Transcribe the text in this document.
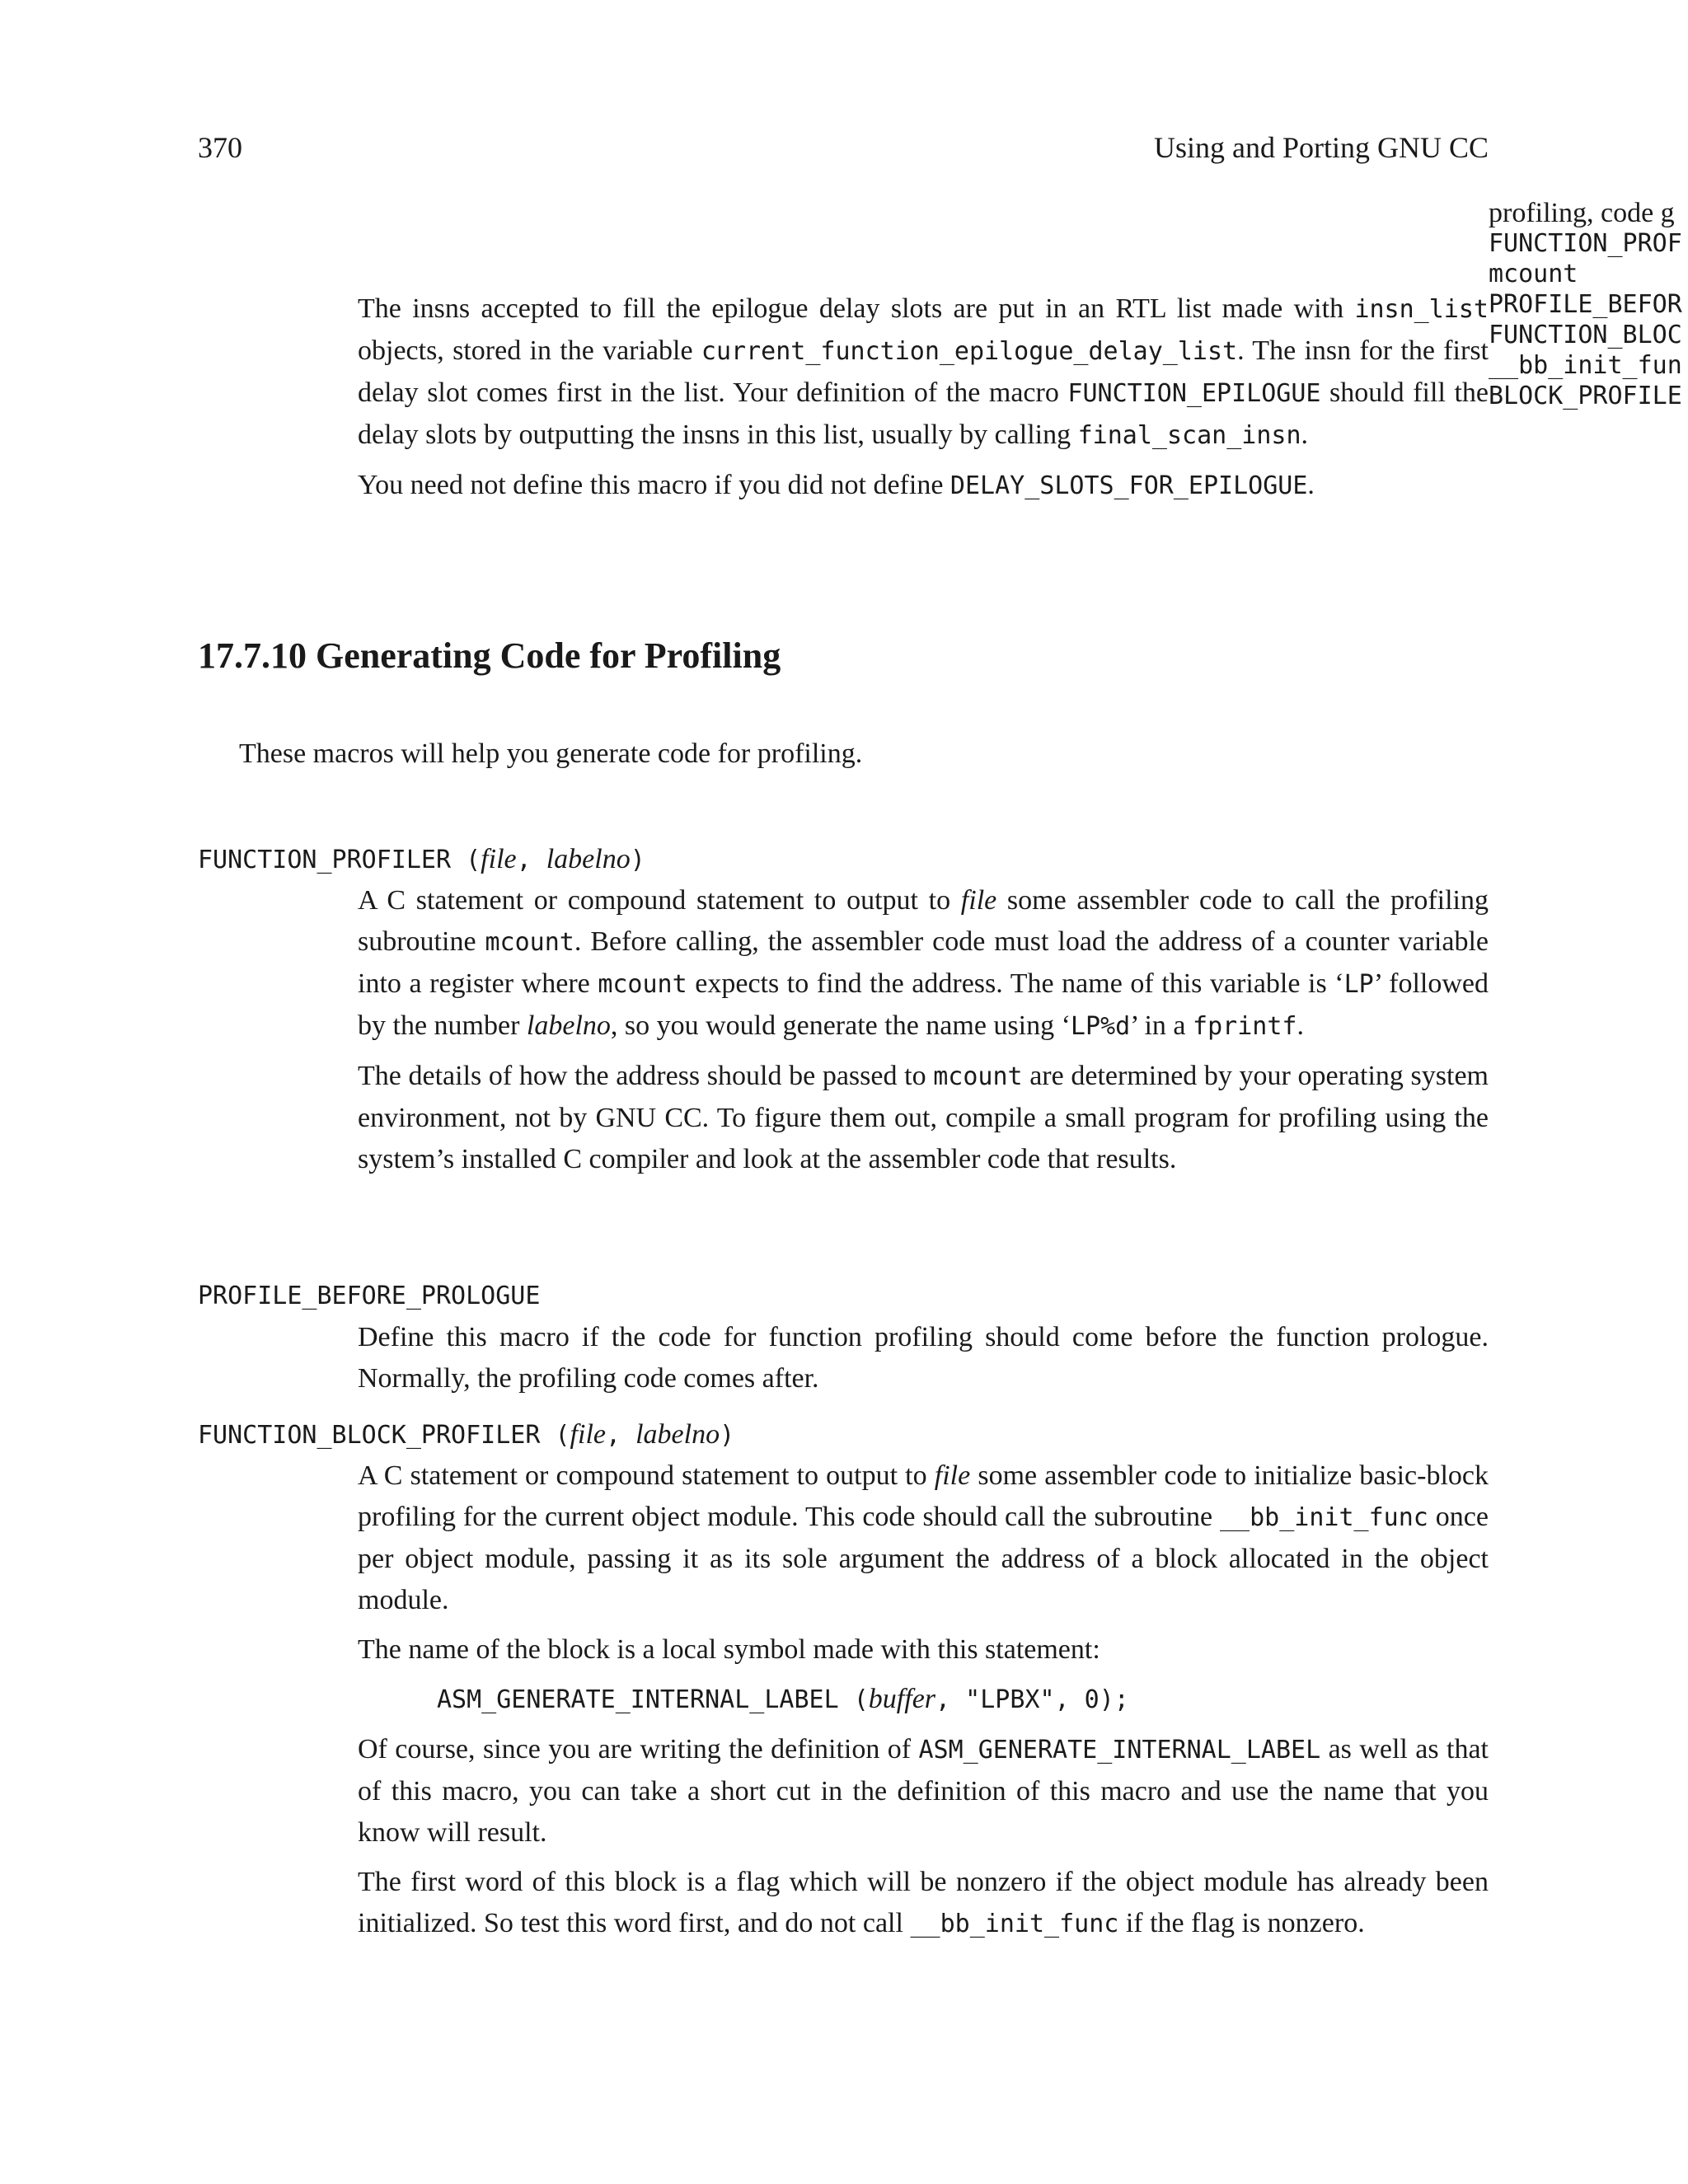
370	Using and Porting GNU CC
profiling, code g
FUNCTION_PROF
mcount
PROFILE_BEFOR
FUNCTION_BLOC
__bb_init_fun
BLOCK_PROFILE

The insns accepted to fill the epilogue delay slots are put in an RTL list made with insn_list objects, stored in the variable current_function_epilogue_delay_list. The insn for the first delay slot comes first in the list. Your definition of the macro FUNCTION_EPILOGUE should fill the delay slots by outputting the insns in this list, usually by calling final_scan_insn.

You need not define this macro if you did not define DELAY_SLOTS_FOR_EPILOGUE.

17.7.10 Generating Code for Profiling

These macros will help you generate code for profiling.

FUNCTION_PROFILER (file, labelno)

A C statement or compound statement to output to file some assembler code to call the profiling subroutine mcount. Before calling, the assembler code must load the address of a counter variable into a register where mcount expects to find the address. The name of this variable is ‘LP’ followed by the number labelno, so you would generate the name using ‘LP%d’ in a fprintf.

The details of how the address should be passed to mcount are determined by your operating system environment, not by GNU CC. To figure them out, compile a small program for profiling using the system’s installed C compiler and look at the assembler code that results.

PROFILE_BEFORE_PROLOGUE

Define this macro if the code for function profiling should come before the function prologue. Normally, the profiling code comes after.

FUNCTION_BLOCK_PROFILER (file, labelno)

A C statement or compound statement to output to file some assembler code to initialize basic-block profiling for the current object module. This code should call the subroutine __bb_init_func once per object module, passing it as its sole argument the address of a block allocated in the object module.

The name of the block is a local symbol made with this statement:

ASM_GENERATE_INTERNAL_LABEL (buffer, "LPBX", 0);

Of course, since you are writing the definition of ASM_GENERATE_INTERNAL_LABEL as well as that of this macro, you can take a short cut in the definition of this macro and use the name that you know will result.

The first word of this block is a flag which will be nonzero if the object module has already been initialized. So test this word first, and do not call __bb_init_func if the flag is nonzero.
